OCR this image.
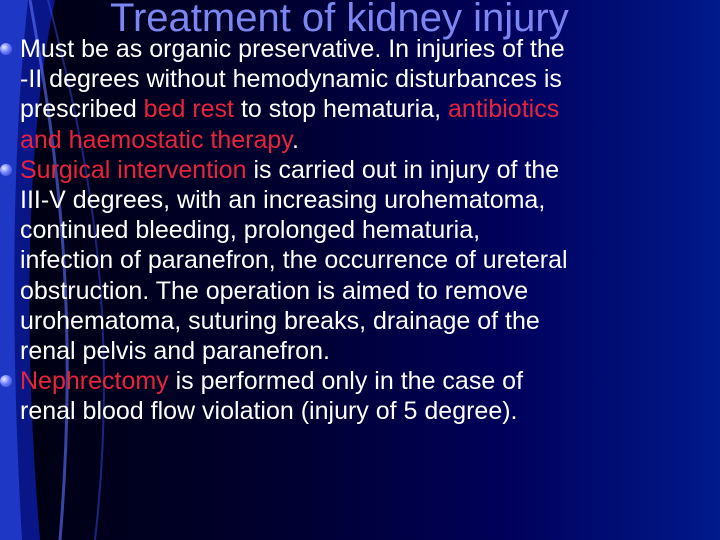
Treatment of kidney injury
Must be as organic preservative. In injuries of the
-II degrees without hemodynamic disturbances is
prescribed bed rest to stop hematuria, antibiotics
and haemostatic therapy.
Surgical intervention is carried out in injury of the
III-V degrees, with an increasing urohematoma,
continued bleeding, prolonged hematuria,
infection of paranefron, the occurrence of ureteral
obstruction. The operation is aimed to remove
urohematoma, suturing breaks, drainage of the
renal pelvis and paranefron.
Nephrectomy is performed only in the case of
renal blood flow violation (injury of 5 degree).
